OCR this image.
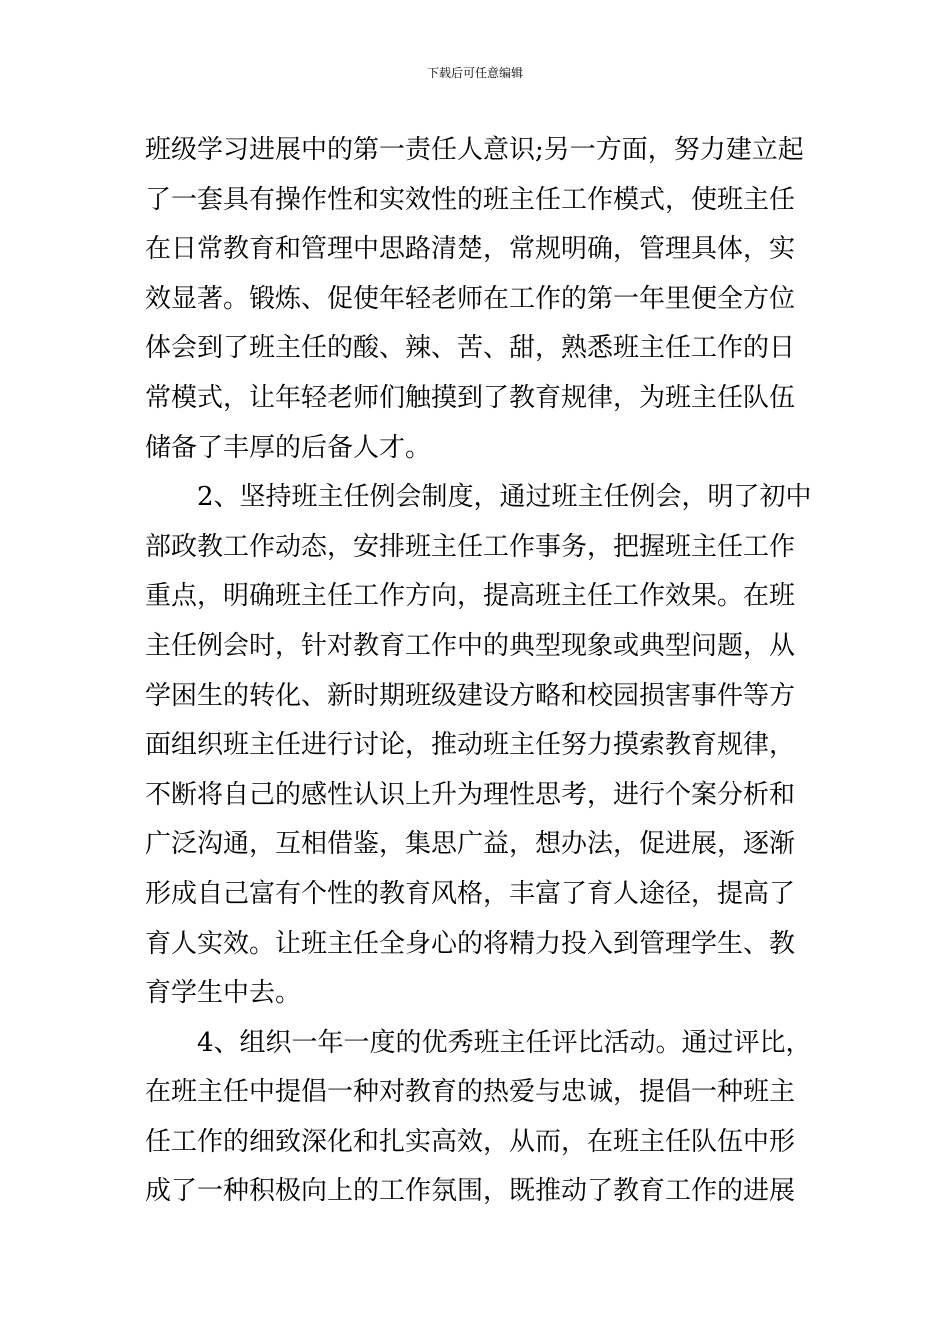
下载后可任意编辑
班级学习进展中的第一责任人意识;另一方面，努力建立起
了一套具有操作性和实效性的班主任工作模式，使班主任
在日常教育和管理中思路清楚，常规明确，管理具体，实
效显著。锻炼、促使年轻老师在工作的第一年里便全方位
体会到了班主任的酸、辣、苦、甜，熟悉班主任工作的日
常模式，让年轻老师们触摸到了教育规律，为班主任队伍
储备了丰厚的后备人才。
　　2、坚持班主任例会制度，通过班主任例会，明了初中
部政教工作动态，安排班主任工作事务，把握班主任工作
重点，明确班主任工作方向，提高班主任工作效果。在班
主任例会时，针对教育工作中的典型现象或典型问题，从
学困生的转化、新时期班级建设方略和校园损害事件等方
面组织班主任进行讨论，推动班主任努力摸索教育规律，
不断将自己的感性认识上升为理性思考，进行个案分析和
广泛沟通，互相借鉴，集思广益，想办法，促进展，逐渐
形成自己富有个性的教育风格，丰富了育人途径，提高了
育人实效。让班主任全身心的将精力投入到管理学生、教
育学生中去。
　　4、组织一年一度的优秀班主任评比活动。通过评比，
在班主任中提倡一种对教育的热爱与忠诚，提倡一种班主
任工作的细致深化和扎实高效，从而，在班主任队伍中形
成了一种积极向上的工作氛围，既推动了教育工作的进展
